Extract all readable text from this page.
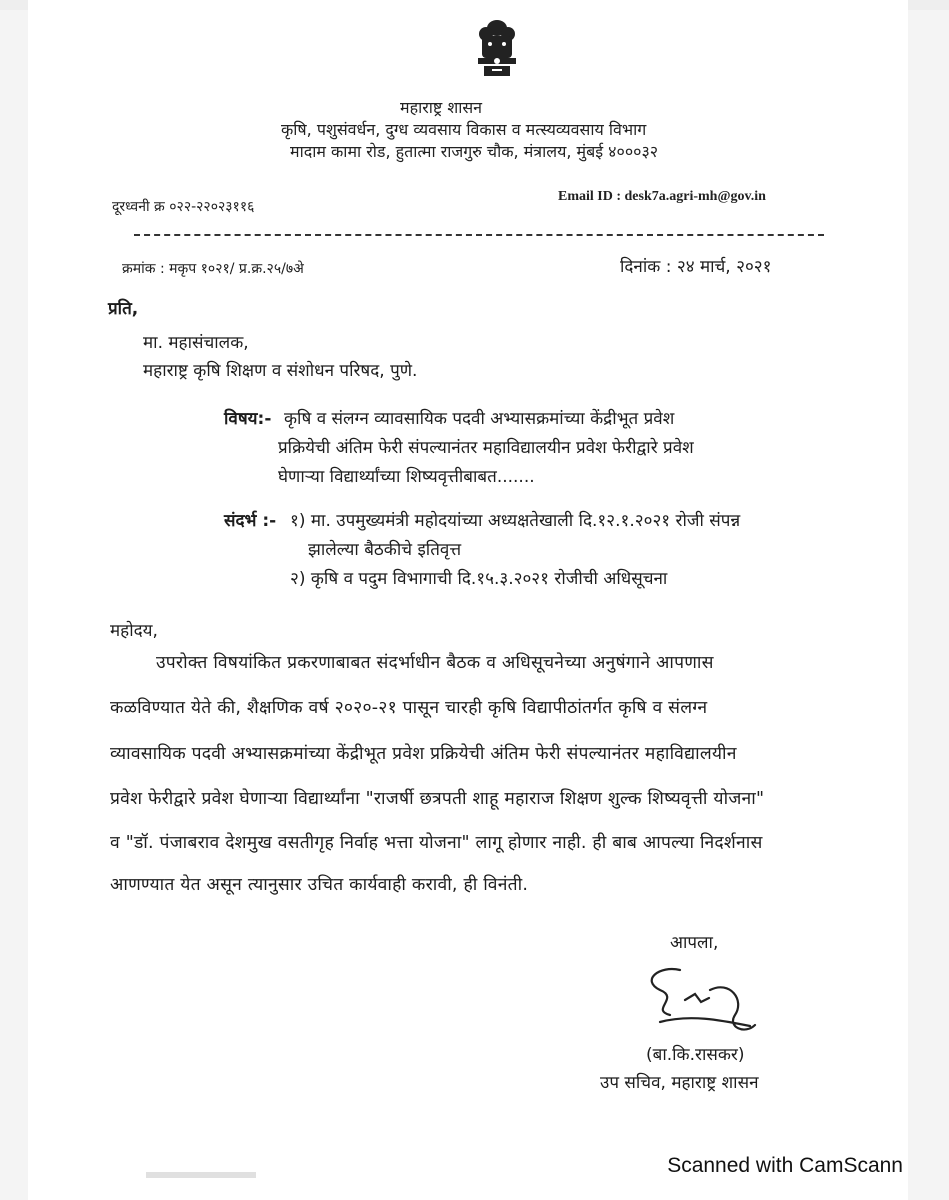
महाराष्ट्र शासन
कृषि, पशुसंवर्धन, दुग्ध व्यवसाय विकास व मत्स्यव्यवसाय विभाग
मादाम कामा रोड, हुतात्मा राजगुरु चौक, मंत्रालय, मुंबई ४०००३२
दूरध्वनी क्र ०२२-२२०२३११६
Email ID : desk7a.agri-mh@gov.in
क्रमांक : मकृप १०२१/ प्र.क्र.२५/७अे	दिनांक : २४ मार्च, २०२१
प्रति,
मा. महासंचालक,
महाराष्ट्र कृषि शिक्षण व संशोधन परिषद, पुणे.
विषय:- कृषि व संलग्न व्यावसायिक पदवी अभ्यासक्रमांच्या केंद्रीभूत प्रवेश
प्रक्रियेची अंतिम फेरी संपल्यानंतर महाविद्यालयीन प्रवेश फेरीद्वारे प्रवेश
घेणाऱ्या विद्यार्थ्यांच्या शिष्यवृत्तीबाबत.......
संदर्भ :- १) मा. उपमुख्यमंत्री महोदयांच्या अध्यक्षतेखाली दि.१२.१.२०२१ रोजी संपन्न
झालेल्या बैठकीचे इतिवृत्त
२) कृषि व पदुम विभागाची दि.१५.३.२०२१ रोजीची अधिसूचना
महोदय,
उपरोक्त विषयांकित प्रकरणाबाबत संदर्भाधीन बैठक व अधिसूचनेच्या अनुषंगाने आपणास
कळविण्यात येते की, शैक्षणिक वर्ष २०२०-२१ पासून चारही कृषि विद्यापीठांतर्गत कृषि व संलग्न
व्यावसायिक पदवी अभ्यासक्रमांच्या केंद्रीभूत प्रवेश प्रक्रियेची अंतिम फेरी संपल्यानंतर महाविद्यालयीन
प्रवेश फेरीद्वारे प्रवेश घेणाऱ्या विद्यार्थ्यांना "राजर्षी छत्रपती शाहू महाराज शिक्षण शुल्क शिष्यवृत्ती योजना"
व "डॉ. पंजाबराव देशमुख वसतीगृह निर्वाह भत्ता योजना" लागू होणार नाही. ही बाब आपल्या निदर्शनास
आणण्यात येत असून त्यानुसार उचित कार्यवाही करावी, ही विनंती.
आपला,
(बा.कि.रासकर)
उप सचिव, महाराष्ट्र शासन
Scanned with CamScann
